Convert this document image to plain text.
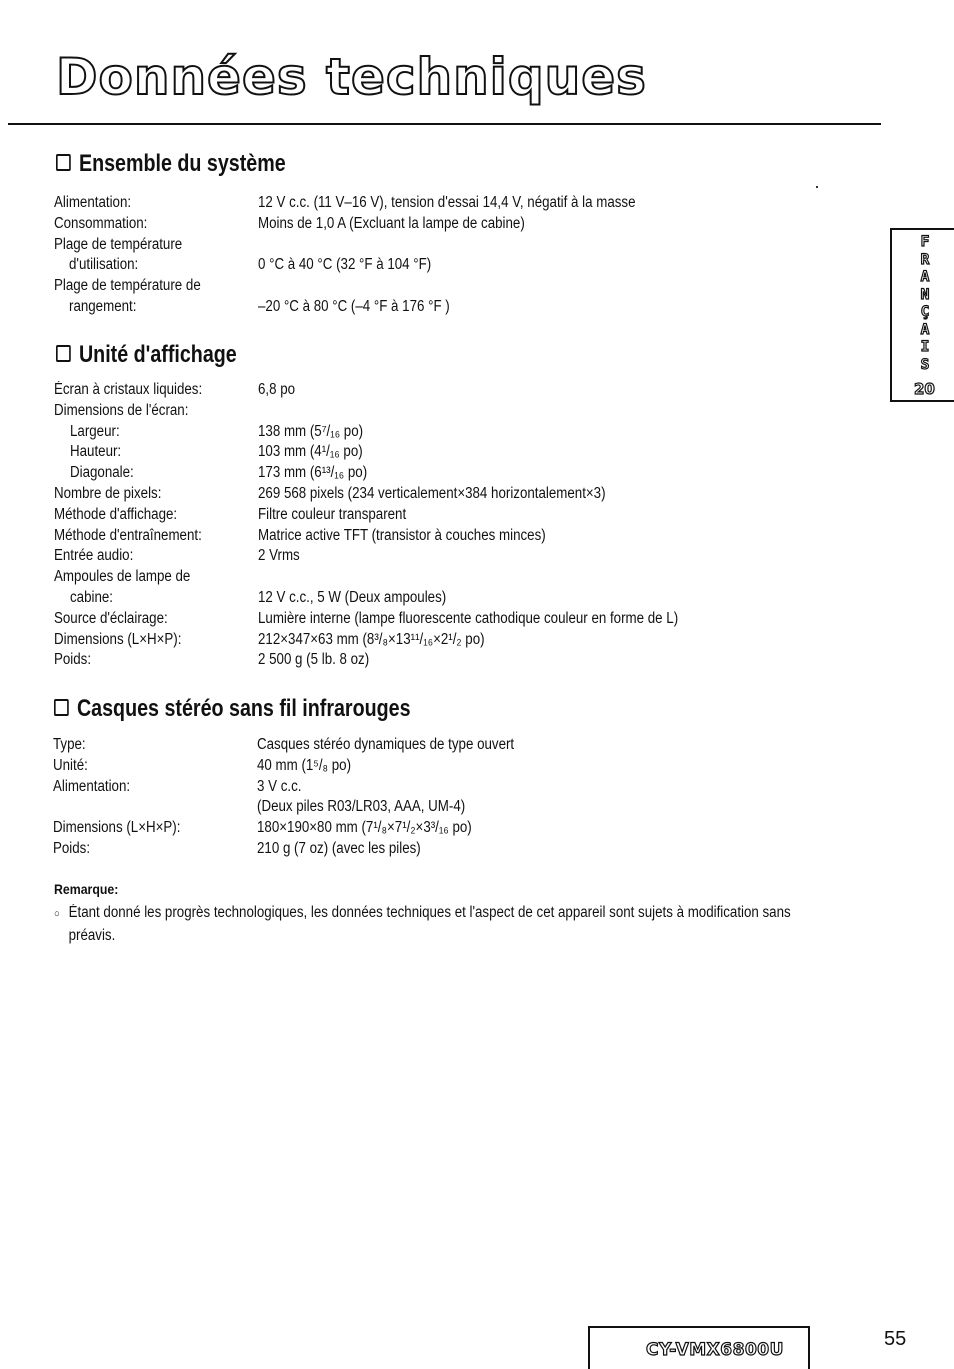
Données techniques
Ensemble du système
Alimentation:	12 V c.c. (11 V–16 V), tension d'essai 14,4 V, négatif à la masse
Consommation:	Moins de 1,0 A (Excluant la lampe de cabine)
Plage de température
d'utilisation:	0 °C à 40 °C (32 °F à 104 °F)
Plage de température de
rangement:	–20 °C à 80 °C (–4 °F à 176 °F )
Unité d'affichage
Écran à cristaux liquides:	6,8 po
Dimensions de l'écran:
Largeur:	138 mm (5⁷/₁₆ po)
Hauteur:	103 mm (4¹/₁₆ po)
Diagonale:	173 mm (6¹³/₁₆ po)
Nombre de pixels:	269 568 pixels (234 verticalement×384 horizontalement×3)
Méthode d'affichage:	Filtre couleur transparent
Méthode d'entraînement:	Matrice active TFT (transistor à couches minces)
Entrée audio:	2 Vrms
Ampoules de lampe de
cabine:	12 V c.c., 5 W (Deux ampoules)
Source d'éclairage:	Lumière interne (lampe fluorescente cathodique couleur en forme de L)
Dimensions (L×H×P):	212×347×63 mm (8³/₈×13¹¹/₁₆×2¹/₂ po)
Poids:	2 500 g (5 lb. 8 oz)
Casques stéréo sans fil infrarouges
Type:	Casques stéréo dynamiques de type ouvert
Unité:	40 mm (1⁵/₈ po)
Alimentation:	3 V c.c.
(Deux piles R03/LR03, AAA, UM-4)
Dimensions (L×H×P):	180×190×80 mm (7¹/₈×7¹/₂×3³/₁₆ po)
Poids:	210 g (7 oz) (avec les piles)
Remarque:
○ Étant donné les progrès technologiques, les données techniques et l'aspect de cet appareil sont sujets à modification sans
préavis.
F
R
A
N
Ç
A
I
S
20
CY-VMX6800U	55
